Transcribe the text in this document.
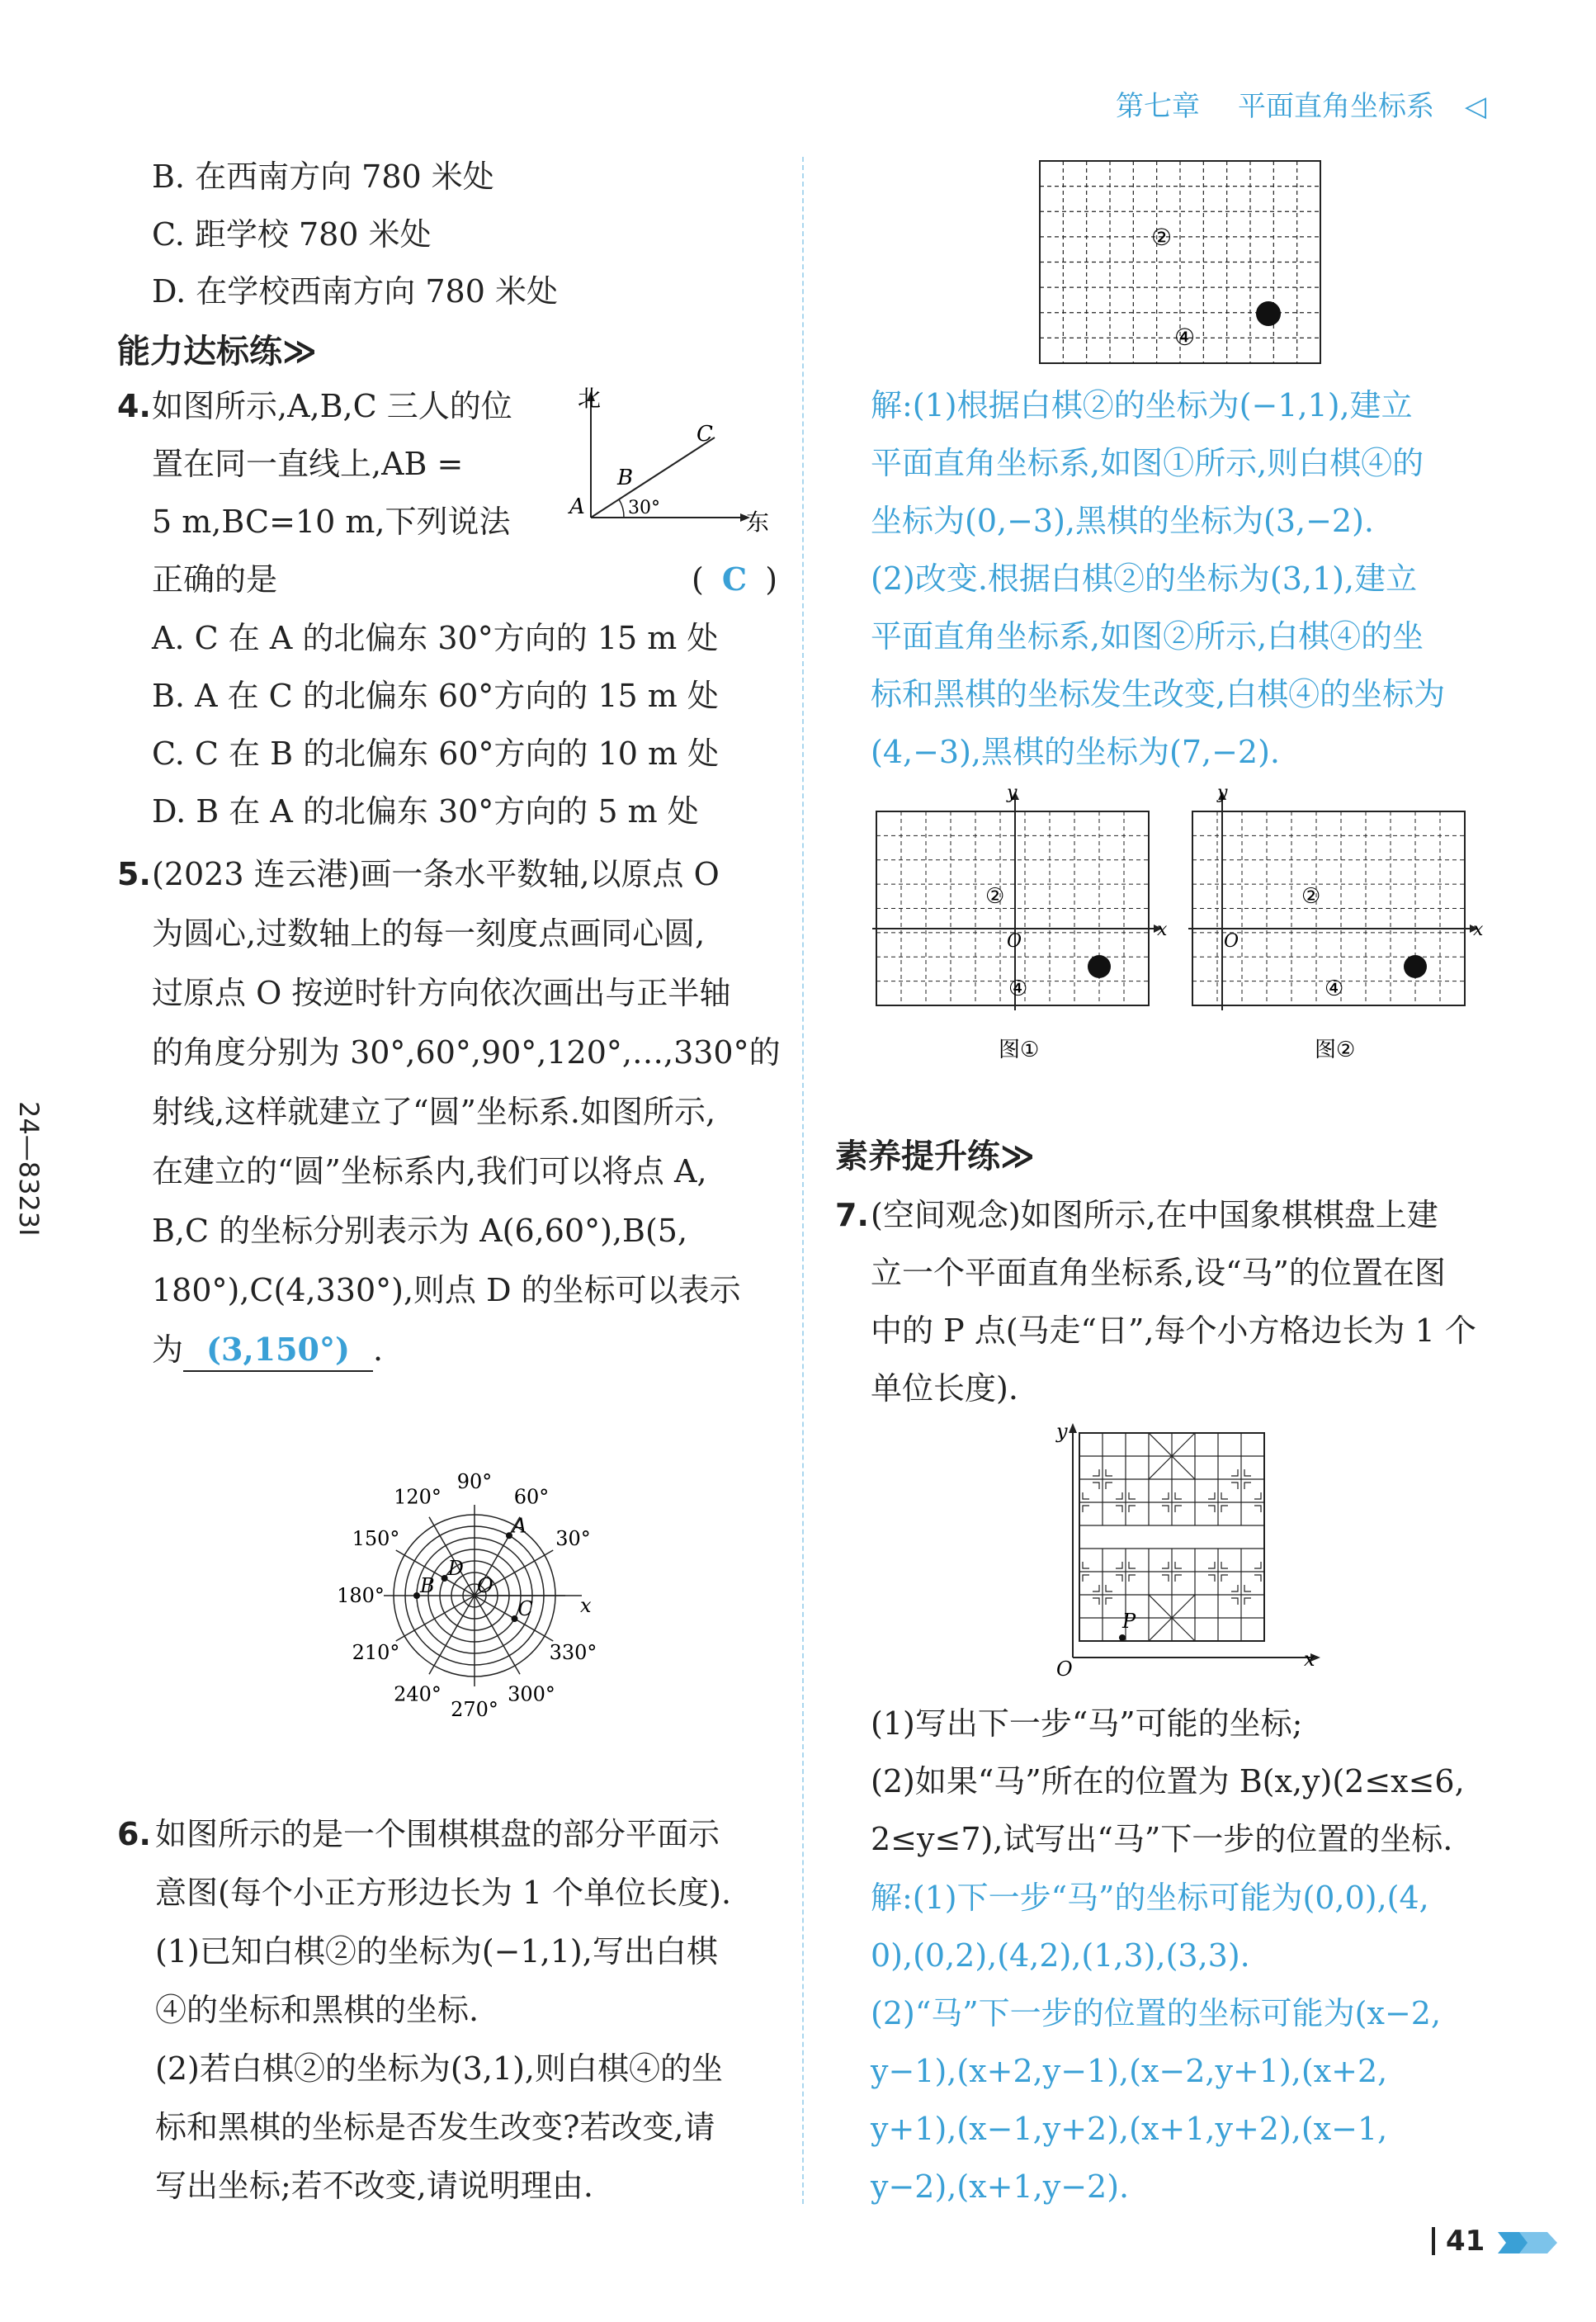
第七章 平面直角坐标系 ◁
24—8323I
B. 在西南方向 780 米处
C. 距学校 780 米处
D. 在学校西南方向 780 米处
能力达标练≫
4. 如图所示,A,B,C 三人的位
置在同一直线上,AB =
5 m,BC=10 m,下列说法
正确的是	( C )
北
东
A
B
C
30°
A. C 在 A 的北偏东 30°方向的 15 m 处
B. A 在 C 的北偏东 60°方向的 15 m 处
C. C 在 B 的北偏东 60°方向的 10 m 处
D. B 在 A 的北偏东 30°方向的 5 m 处
5. (2023 连云港)画一条水平数轴,以原点 O
为圆心,过数轴上的每一刻度点画同心圆,
过原点 O 按逆时针方向依次画出与正半轴
的角度分别为 30°,60°,90°,120°,…,330°的
射线,这样就建立了“圆”坐标系.如图所示,
在建立的“圆”坐标系内,我们可以将点 A,
B,C 的坐标分别表示为 A(6,60°),B(5,
180°),C(4,330°),则点 D 的坐标可以表示
为 (3,150°) .
90°
60°
120°
30°
150°
180°
210°	330°
240°	300°
270°
O
x
A
B
C
D
6. 如图所示的是一个围棋棋盘的部分平面示
意图(每个小正方形边长为 1 个单位长度).
(1)已知白棋②的坐标为(−1,1),写出白棋
④的坐标和黑棋的坐标.
(2)若白棋②的坐标为(3,1),则白棋④的坐
标和黑棋的坐标是否发生改变?若改变,请
写出坐标;若不改变,请说明理由.
②
④
解:(1)根据白棋②的坐标为(−1,1),建立
平面直角坐标系,如图①所示,则白棋④的
坐标为(0,−3),黑棋的坐标为(3,−2).
(2)改变.根据白棋②的坐标为(3,1),建立
平面直角坐标系,如图②所示,白棋④的坐
标和黑棋的坐标发生改变,白棋④的坐标为
(4,−3),黑棋的坐标为(7,−2).
y
x
O
②
④
图①
y
x
O
②
④
图②
素养提升练≫
7. (空间观念)如图所示,在中国象棋棋盘上建
立一个平面直角坐标系,设“马”的位置在图
中的 P 点(马走“日”,每个小方格边长为 1 个
单位长度).
y
x
O
P
(1)写出下一步“马”可能的坐标;
(2)如果“马”所在的位置为 B(x,y)(2≤x≤6,
2≤y≤7),试写出“马”下一步的位置的坐标.
解:(1)下一步“马”的坐标可能为(0,0),(4,
0),(0,2),(4,2),(1,3),(3,3).
(2)“马”下一步的位置的坐标可能为(x−2,
y−1),(x+2,y−1),(x−2,y+1),(x+2,
y+1),(x−1,y+2),(x+1,y+2),(x−1,
y−2),(x+1,y−2).
41
